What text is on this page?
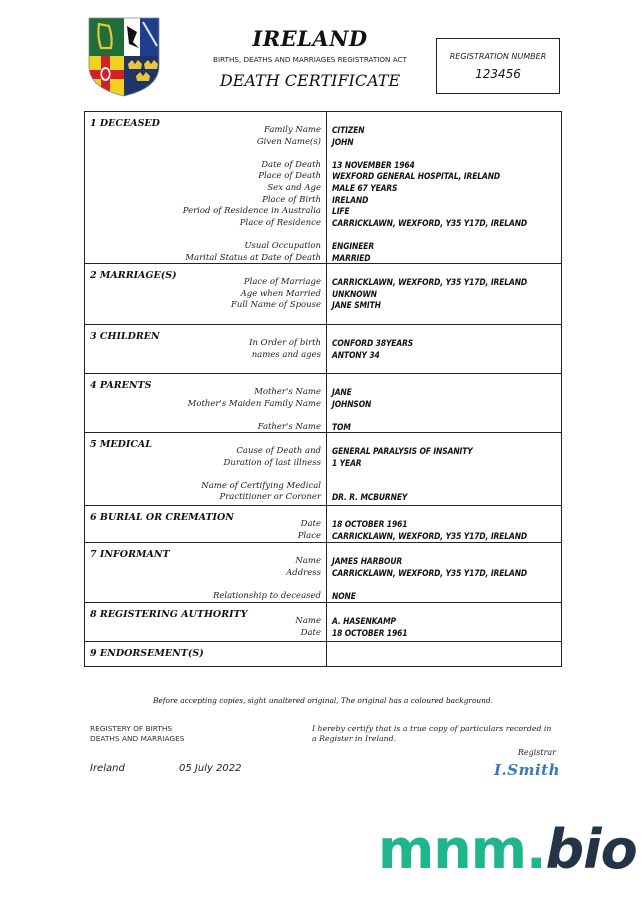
IRELAND
BIRTHS, DEATHS AND MARRIAGES REGISTRATION ACT
DEATH CERTIFICATE
REGISTRATION NUMBER
123456
1 DECEASED
Family Name
Given Name(s)
Date of Death
Place of Death
Sex and Age
Place of Birth
Period of Residence in Australia
Place of Residence
Usual Occupation
Marital Status at Date of Death
CITIZEN
JOHN
13 NOVEMBER 1964
WEXFORD GENERAL HOSPITAL, IRELAND
MALE 67 YEARS
IRELAND
LIFE
CARRICKLAWN, WEXFORD, Y35 Y17D, IRELAND
ENGINEER
MARRIED
2 MARRIAGE(S)
Place of Marriage
Age when Married
Full Name of Spouse
CARRICKLAWN, WEXFORD, Y35 Y17D, IRELAND
UNKNOWN
JANE SMITH
3 CHILDREN
In Order of birth
names and ages
CONFORD 38YEARS
ANTONY 34
4 PARENTS
Mother's Name
Mother's Maiden Family Name
Father's Name
JANE
JOHNSON
TOM
5 MEDICAL
Cause of Death and
Duration of last illness
Name of Certifying Medical
Practitioner or Coroner
GENERAL PARALYSIS OF INSANITY
1 YEAR
DR. R. MCBURNEY
6 BURIAL OR CREMATION
Date
Place
18 OCTOBER 1961
CARRICKLAWN, WEXFORD, Y35 Y17D, IRELAND
7 INFORMANT
Name
Address
Relationship to deceased
JAMES HARBOUR
CARRICKLAWN, WEXFORD, Y35 Y17D, IRELAND
NONE
8 REGISTERING AUTHORITY
Name
Date
A. HASENKAMP
18 OCTOBER 1961
9 ENDORSEMENT(S)
Before accepting copies, sight unaltered original, The original has a coloured background.
REGISTERY OF BIRTHS
DEATHS AND MARRIAGES
Ireland	05 July 2022
I hereby certify that is a true copy of particulars recorded in a Register in Ireland.
Registrar
I.Smith
mnm.bio
